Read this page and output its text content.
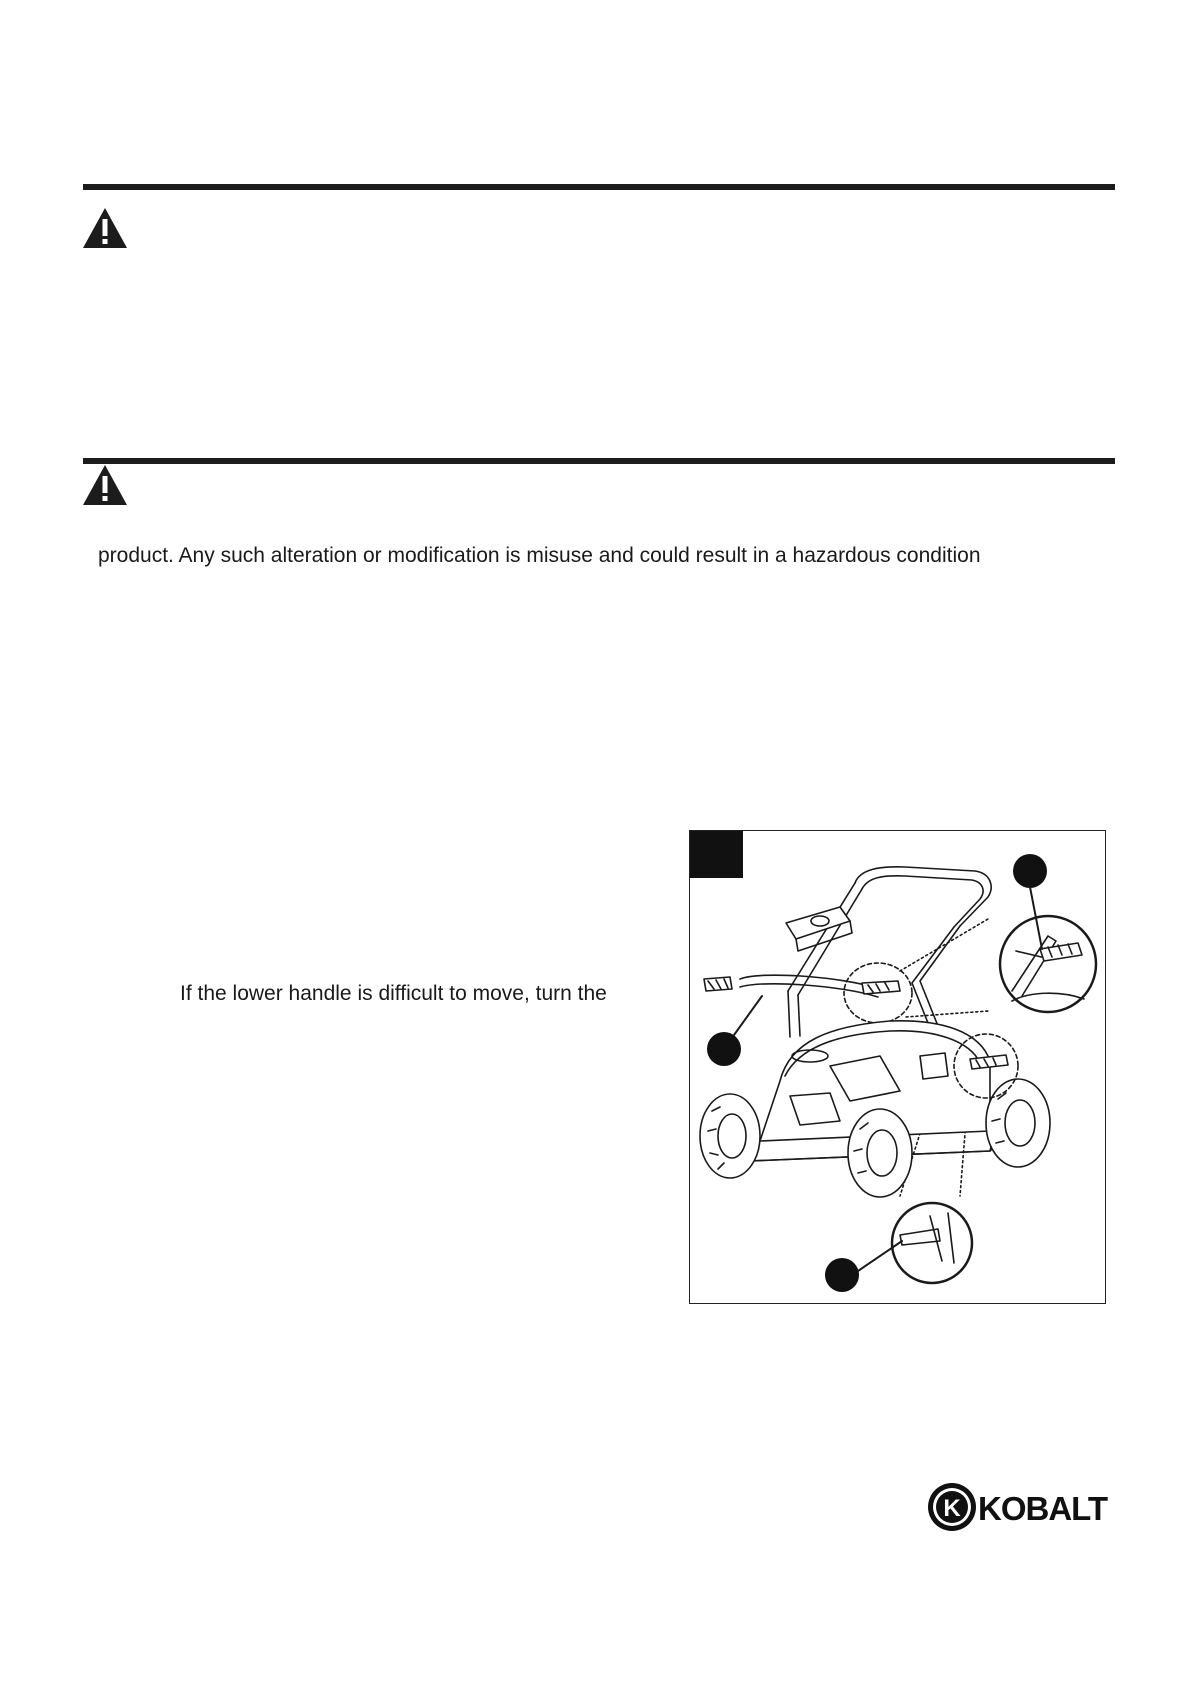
product. Any such alteration or modification is misuse and could result in a hazardous condition
If the lower handle is difficult to move, turn the
K KOBALT
